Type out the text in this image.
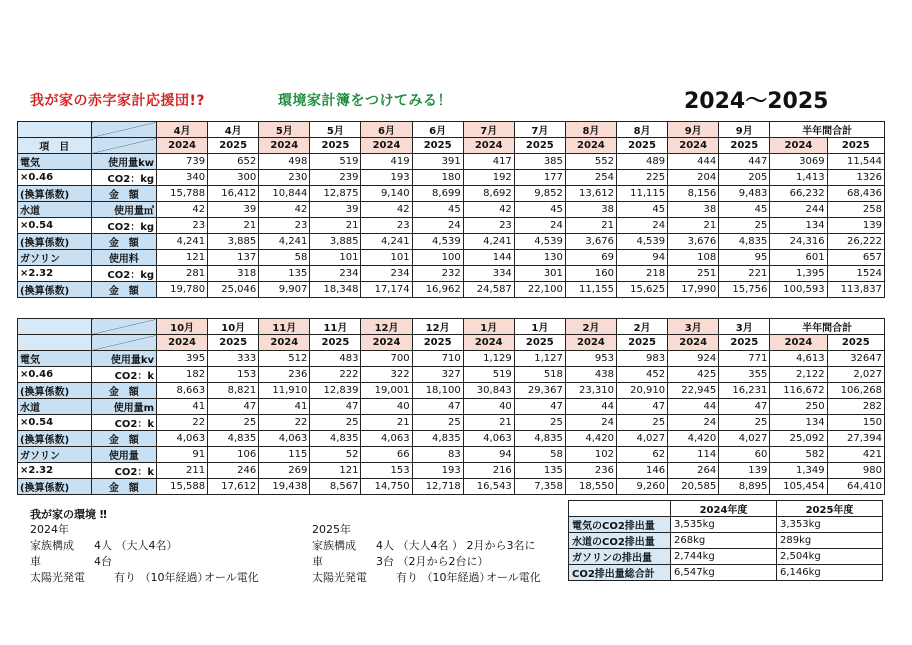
我が家の赤字家計応援団!?	環境家計簿をつけてみる！	2024～2025
		4月	4月	5月	5月	6月	6月	7月	7月	8月	8月	9月	9月	半年間合計	
項　目		2024	2025	2024	2025	2024	2025	2024	2025	2024	2025	2024	2025	2024	2025
電気	使用量kw	739	652	498	519	419	391	417	385	552	489	444	447	3069	11,544
×0.46	CO2：kg	340	300	230	239	193	180	192	177	254	225	204	205	1,413	1326
(換算係数)	金　額	15,788	16,412	10,844	12,875	9,140	8,699	8,692	9,852	13,612	11,115	8,156	9,483	66,232	68,436
水道	使用量㎥	42	39	42	39	42	45	42	45	38	45	38	45	244	258
×0.54	CO2：kg	23	21	23	21	23	24	23	24	21	24	21	25	134	139
(換算係数)	金　額	4,241	3,885	4,241	3,885	4,241	4,539	4,241	4,539	3,676	4,539	3,676	4,835	24,316	26,222
ガソリン	使用料	121	137	58	101	101	100	144	130	69	94	108	95	601	657
×2.32	CO2：kg	281	318	135	234	234	232	334	301	160	218	251	221	1,395	1524
(換算係数)	金　額	19,780	25,046	9,907	18,348	17,174	16,962	24,587	22,100	11,155	15,625	17,990	15,756	100,593	113,837
		10月	10月	11月	11月	12月	12月	1月	1月	2月	2月	3月	3月	半年間合計	
		2024	2025	2024	2025	2024	2025	2024	2025	2024	2025	2024	2025	2024	2025
電気	使用量kv	395	333	512	483	700	710	1,129	1,127	953	983	924	771	4,613	32647
×0.46	CO2：k	182	153	236	222	322	327	519	518	438	452	425	355	2,122	2,027
(換算係数)	金　額	8,663	8,821	11,910	12,839	19,001	18,100	30,843	29,367	23,310	20,910	22,945	16,231	116,672	106,268
水道	使用量m	41	47	41	47	40	47	40	47	44	47	44	47	250	282
×0.54	CO2：k	22	25	22	25	21	25	21	25	24	25	24	25	134	150
(換算係数)	金　額	4,063	4,835	4,063	4,835	4,063	4,835	4,063	4,835	4,420	4,027	4,420	4,027	25,092	27,394
ガソリン	使用量	91	106	115	52	66	83	94	58	102	62	114	60	582	421
×2.32	CO2：k	211	246	269	121	153	193	216	135	236	146	264	139	1,349	980
(換算係数)	金　額	15,588	17,612	19,438	8,567	14,750	12,718	16,543	7,358	18,550	9,260	20,585	8,895	105,454	64,410
我が家の環境 ‼
2024年
家族構成	4人 （大人4名）
車	4台
太陽光発電	有り （10年経過）
オール電化
2025年
家族構成	4人 （大人4名 ） 2月から3名に
車	3台 （2月から2台に）
太陽光発電	有り （10年経過）
オール電化
	2024年度	2025年度
電気のCO2排出量	3,535kg	3,353kg
水道のCO2排出量	268kg	289kg
ガソリンの排出量	2,744kg	2,504kg
CO2排出量総合計	6,547kg	6,146kg
